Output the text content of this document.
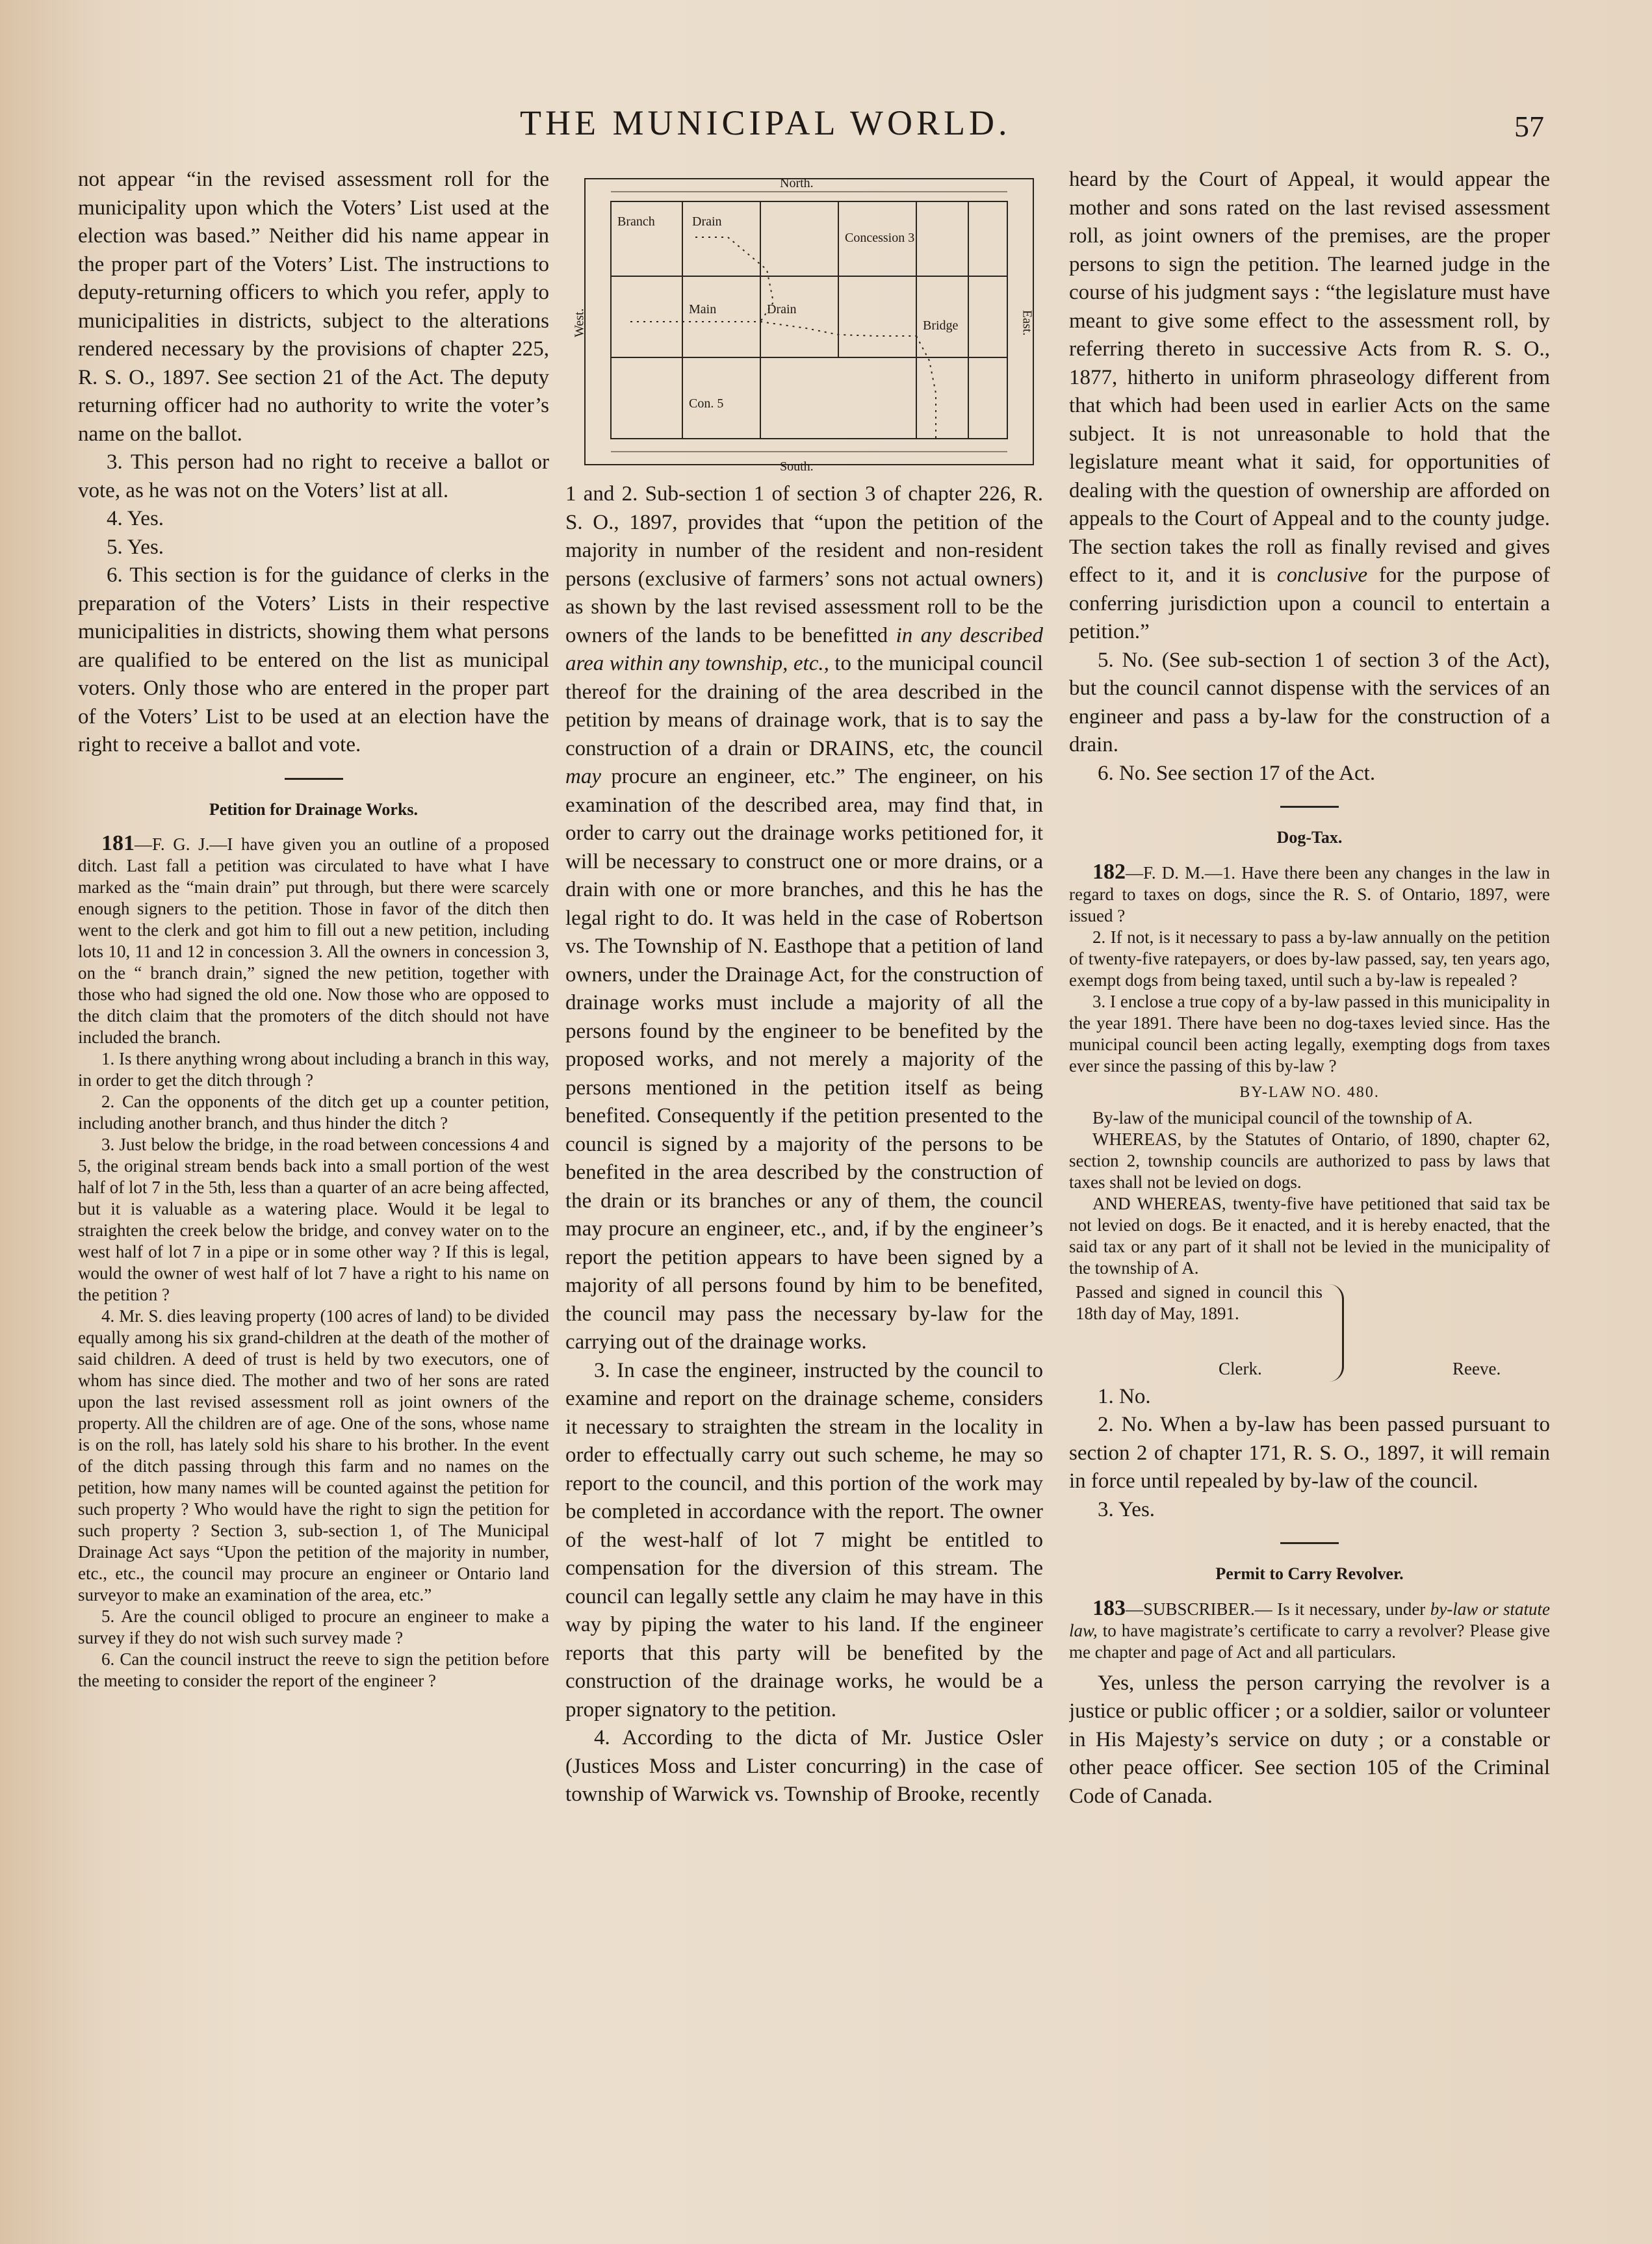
THE MUNICIPAL WORLD.	57

not appear “in the revised assessment roll for the municipality upon which the Voters’ List used at the election was based.” Neither did his name appear in the proper part of the Voters’ List. The instructions to deputy-returning officers to which you refer, apply to municipalities in districts, subject to the alterations rendered necessary by the provisions of chapter 225, R. S. O., 1897. See section 21 of the Act. The deputy returning officer had no authority to write the voter’s name on the ballot.

3. This person had no right to receive a ballot or vote, as he was not on the Voters’ list at all.

4. Yes.

5. Yes.

6. This section is for the guidance of clerks in the preparation of the Voters’ Lists in their respective municipalities in districts, showing them what persons are qualified to be entered on the list as municipal voters. Only those who are entered in the proper part of the Voters’ List to be used at an election have the right to receive a ballot and vote.

Petition for Drainage Works.

181—F. G. J.—I have given you an outline of a proposed ditch. Last fall a petition was circulated to have what I have marked as the “main drain” put through, but there were scarcely enough signers to the petition. Those in favor of the ditch then went to the clerk and got him to fill out a new petition, including lots 10, 11 and 12 in concession 3. All the owners in concession 3, on the “ branch drain,” signed the new petition, together with those who had signed the old one. Now those who are opposed to the ditch claim that the promoters of the ditch should not have included the branch.

1. Is there anything wrong about including a branch in this way, in order to get the ditch through ?

2. Can the opponents of the ditch get up a counter petition, including another branch, and thus hinder the ditch ?

3. Just below the bridge, in the road between concessions 4 and 5, the original stream bends back into a small portion of the west half of lot 7 in the 5th, less than a quarter of an acre being affected, but it is valuable as a watering place. Would it be legal to straighten the creek below the bridge, and convey water on to the west half of lot 7 in a pipe or in some other way ? If this is legal, would the owner of west half of lot 7 have a right to his name on the petition ?

4. Mr. S. dies leaving property (100 acres of land) to be divided equally among his six grand-children at the death of the mother of said children. A deed of trust is held by two executors, one of whom has since died. The mother and two of her sons are rated upon the last revised assessment roll as joint owners of the property. All the children are of age. One of the sons, whose name is on the roll, has lately sold his share to his brother. In the event of the ditch passing through this farm and no names on the petition, how many names will be counted against the petition for such property ? Who would have the right to sign the petition for such property ? Section 3, sub-section 1, of The Municipal Drainage Act says “Upon the petition of the majority in number, etc., etc., the council may procure an engineer or Ontario land surveyor to make an examination of the area, etc.”

5. Are the council obliged to procure an engineer to make a survey if they do not wish such survey made ?

6. Can the council instruct the reeve to sign the petition before the meeting to consider the report of the engineer ?

North.
South.
West.	East.
Branch	Drain
Concession 3
Main	Drain
Bridge
Con. 5

1 and 2. Sub-section 1 of section 3 of chapter 226, R. S. O., 1897, provides that “upon the petition of the majority in number of the resident and non-resident persons (exclusive of farmers’ sons not actual owners) as shown by the last revised assessment roll to be the owners of the lands to be benefitted in any described area within any township, etc., to the municipal council thereof for the draining of the area described in the petition by means of drainage work, that is to say the construction of a drain or DRAINS, etc, the council may procure an engineer, etc.” The engineer, on his examination of the described area, may find that, in order to carry out the drainage works petitioned for, it will be necessary to construct one or more drains, or a drain with one or more branches, and this he has the legal right to do. It was held in the case of Robertson vs. The Township of N. Easthope that a petition of land owners, under the Drainage Act, for the construction of drainage works must include a majority of all the persons found by the engineer to be benefited by the proposed works, and not merely a majority of the persons mentioned in the petition itself as being benefited. Consequently if the petition presented to the council is signed by a majority of the persons to be benefited in the area described by the construction of the drain or its branches or any of them, the council may procure an engineer, etc., and, if by the engineer’s report the petition appears to have been signed by a majority of all persons found by him to be benefited, the council may pass the necessary by-law for the carrying out of the drainage works.

3. In case the engineer, instructed by the council to examine and report on the drainage scheme, considers it necessary to straighten the stream in the locality in order to effectually carry out such scheme, he may so report to the council, and this portion of the work may be completed in accordance with the report. The owner of the west-half of lot 7 might be entitled to compensation for the diversion of this stream. The council can legally settle any claim he may have in this way by piping the water to his land. If the engineer reports that this party will be benefited by the construction of the drainage works, he would be a proper signatory to the petition.

4. According to the dicta of Mr. Justice Osler (Justices Moss and Lister concurring) in the case of township of Warwick vs. Township of Brooke, recently

heard by the Court of Appeal, it would appear the mother and sons rated on the last revised assessment roll, as joint owners of the premises, are the proper persons to sign the petition. The learned judge in the course of his judgment says : “the legislature must have meant to give some effect to the assessment roll, by referring thereto in successive Acts from R. S. O., 1877, hitherto in uniform phraseology different from that which had been used in earlier Acts on the same subject. It is not unreasonable to hold that the legislature meant what it said, for opportunities of dealing with the question of ownership are afforded on appeals to the Court of Appeal and to the county judge. The section takes the roll as finally revised and gives effect to it, and it is conclusive for the purpose of conferring jurisdiction upon a council to entertain a petition.”

5. No. (See sub-section 1 of section 3 of the Act), but the council cannot dispense with the services of an engineer and pass a by-law for the construction of a drain.

6. No. See section 17 of the Act.

Dog-Tax.

182—F. D. M.—1. Have there been any changes in the law in regard to taxes on dogs, since the R. S. of Ontario, 1897, were issued ?

2. If not, is it necessary to pass a by-law annually on the petition of twenty-five ratepayers, or does by-law passed, say, ten years ago, exempt dogs from being taxed, until such a by-law is repealed ?

3. I enclose a true copy of a by-law passed in this municipality in the year 1891. There have been no dog-taxes levied since. Has the municipal council been acting legally, exempting dogs from taxes ever since the passing of this by-law ?

BY-LAW NO. 480.

By-law of the municipal council of the township of A.

WHEREAS, by the Statutes of Ontario, of 1890, chapter 62, section 2, township councils are authorized to pass by laws that taxes shall not be levied on dogs.

AND WHEREAS, twenty-five have petitioned that said tax be not levied on dogs. Be it enacted, and it is hereby enacted, that the said tax or any part of it shall not be levied in the municipality of the township of A.

Passed and signed in council this 18th day of May, 1891.
Clerk.	Reeve.

1. No.

2. No. When a by-law has been passed pursuant to section 2 of chapter 171, R. S. O., 1897, it will remain in force until repealed by by-law of the council.

3. Yes.

Permit to Carry Revolver.

183—SUBSCRIBER.— Is it necessary, under by-law or statute law, to have magistrate’s certificate to carry a revolver? Please give me chapter and page of Act and all particulars.

Yes, unless the person carrying the revolver is a justice or public officer ; or a soldier, sailor or volunteer in His Majesty’s service on duty ; or a constable or other peace officer. See section 105 of the Criminal Code of Canada.
